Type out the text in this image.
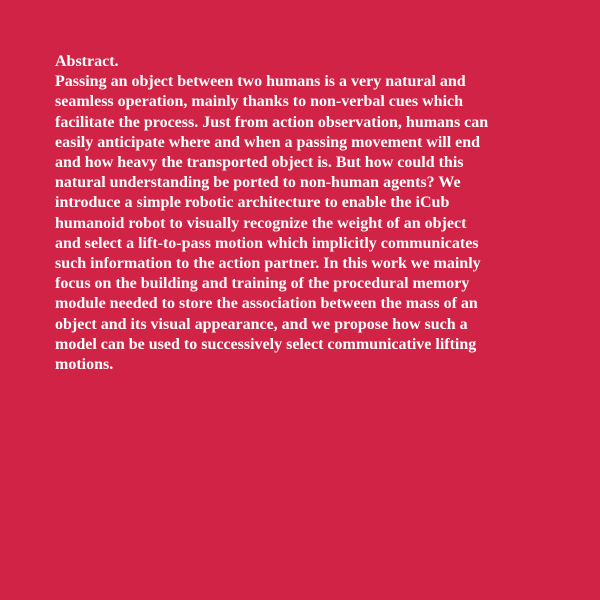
Abstract.
Passing an object between two humans is a very natural and
seamless operation, mainly thanks to non-verbal cues which
facilitate the process. Just from action observation, humans can
easily anticipate where and when a passing movement will end
and how heavy the transported object is. But how could this
natural understanding be ported to non-human agents? We
introduce a simple robotic architecture to enable the iCub
humanoid robot to visually recognize the weight of an object
and select a lift-to-pass motion which implicitly communicates
such information to the action partner. In this work we mainly
focus on the building and training of the procedural memory
module needed to store the association between the mass of an
object and its visual appearance, and we propose how such a
model can be used to successively select communicative lifting
motions.
